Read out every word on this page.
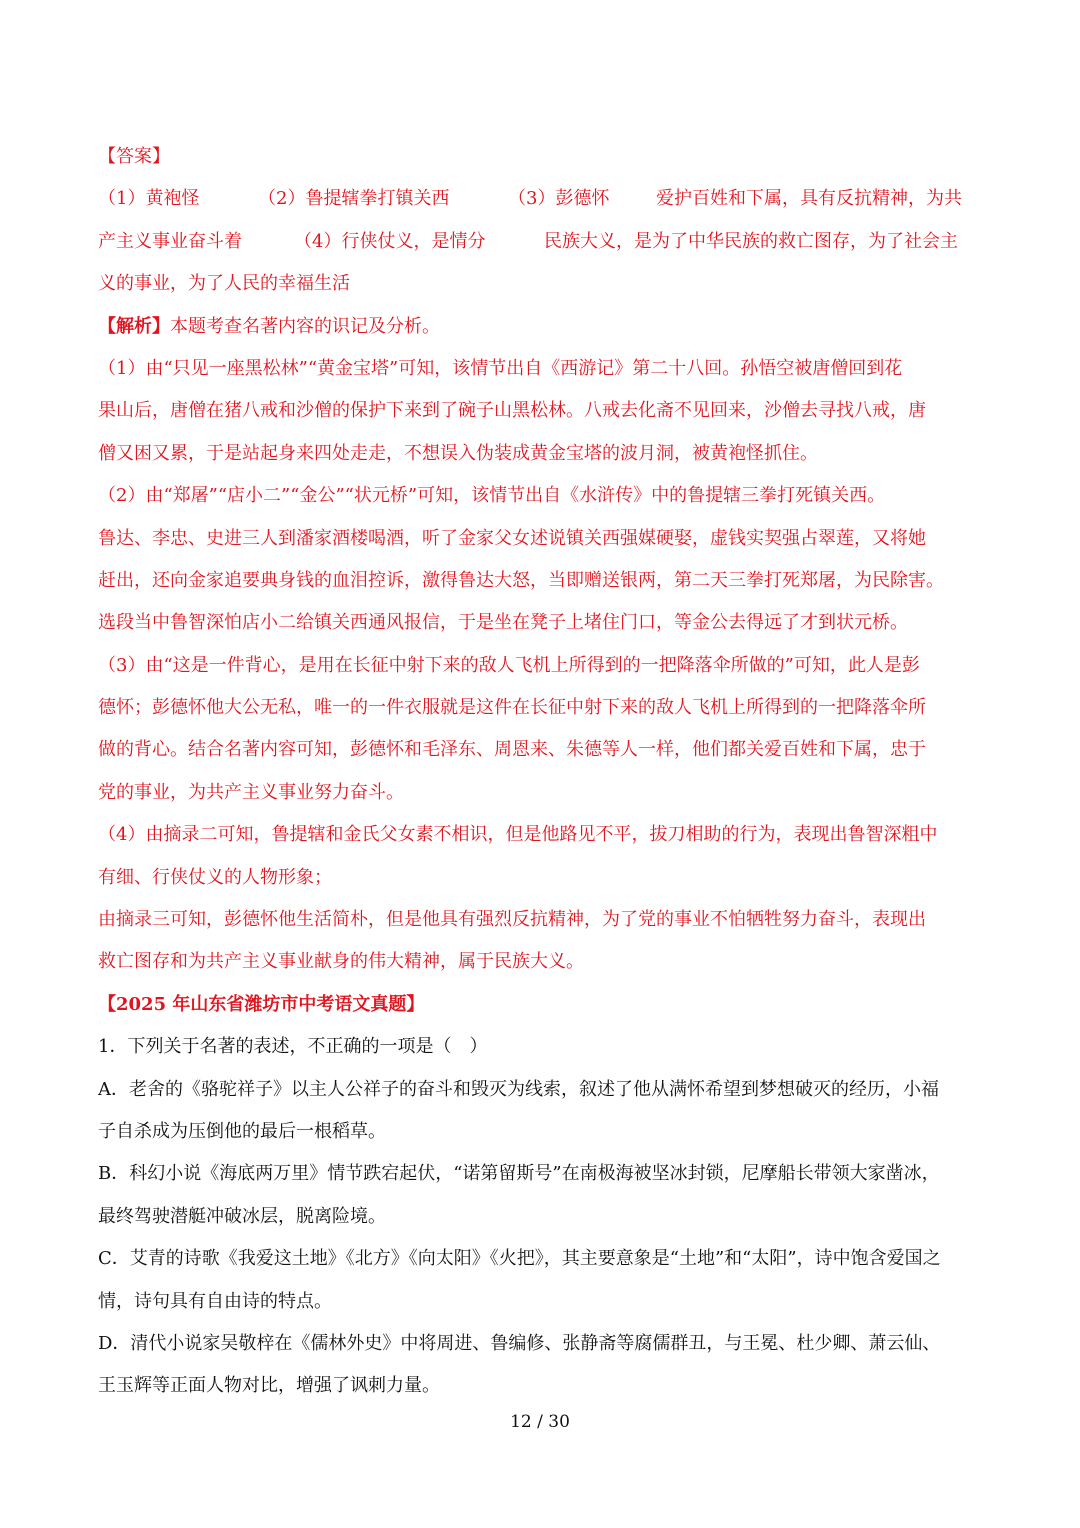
【答案】
（1）黄袍怪	（2）鲁提辖拳打镇关西	（3）彭德怀	爱护百姓和下属，具有反抗精神，为共
产主义事业奋斗着	（4）行侠仗义，是情分	民族大义，是为了中华民族的救亡图存，为了社会主
义的事业，为了人民的幸福生活
【解析】本题考查名著内容的识记及分析。
（1）由“只见一座黑松林”“黄金宝塔”可知，该情节出自《西游记》第二十八回。孙悟空被唐僧回到花
果山后，唐僧在猪八戒和沙僧的保护下来到了碗子山黑松林。八戒去化斋不见回来，沙僧去寻找八戒，唐
僧又困又累，于是站起身来四处走走，不想误入伪装成黄金宝塔的波月洞，被黄袍怪抓住。
（2）由“郑屠”“店小二”“金公”“状元桥”可知，该情节出自《水浒传》中的鲁提辖三拳打死镇关西。
鲁达、李忠、史进三人到潘家酒楼喝酒，听了金家父女述说镇关西强媒硬娶，虚钱实契强占翠莲，又将她
赶出，还向金家追要典身钱的血泪控诉，激得鲁达大怒，当即赠送银两，第二天三拳打死郑屠，为民除害。
选段当中鲁智深怕店小二给镇关西通风报信，于是坐在凳子上堵住门口，等金公去得远了才到状元桥。
（3）由“这是一件背心，是用在长征中射下来的敌人飞机上所得到的一把降落伞所做的”可知，此人是彭
德怀；彭德怀他大公无私，唯一的一件衣服就是这件在长征中射下来的敌人飞机上所得到的一把降落伞所
做的背心。结合名著内容可知，彭德怀和毛泽东、周恩来、朱德等人一样，他们都关爱百姓和下属，忠于
党的事业，为共产主义事业努力奋斗。
（4）由摘录二可知，鲁提辖和金氏父女素不相识，但是他路见不平，拔刀相助的行为，表现出鲁智深粗中
有细、行侠仗义的人物形象；
由摘录三可知，彭德怀他生活简朴，但是他具有强烈反抗精神，为了党的事业不怕牺牲努力奋斗，表现出
救亡图存和为共产主义事业献身的伟大精神，属于民族大义。
【2025 年山东省潍坊市中考语文真题】
1．下列关于名著的表述，不正确的一项是（　）
A．老舍的《骆驼祥子》以主人公祥子的奋斗和毁灭为线索，叙述了他从满怀希望到梦想破灭的经历，小福
子自杀成为压倒他的最后一根稻草。
B．科幻小说《海底两万里》情节跌宕起伏，“诺第留斯号”在南极海被坚冰封锁，尼摩船长带领大家凿冰，
最终驾驶潜艇冲破冰层，脱离险境。
C．艾青的诗歌《我爱这土地》《北方》《向太阳》《火把》，其主要意象是“土地”和“太阳”，诗中饱含爱国之
情，诗句具有自由诗的特点。
D．清代小说家吴敬梓在《儒林外史》中将周进、鲁编修、张静斋等腐儒群丑，与王冕、杜少卿、萧云仙、
王玉辉等正面人物对比，增强了讽刺力量。
12 / 30
